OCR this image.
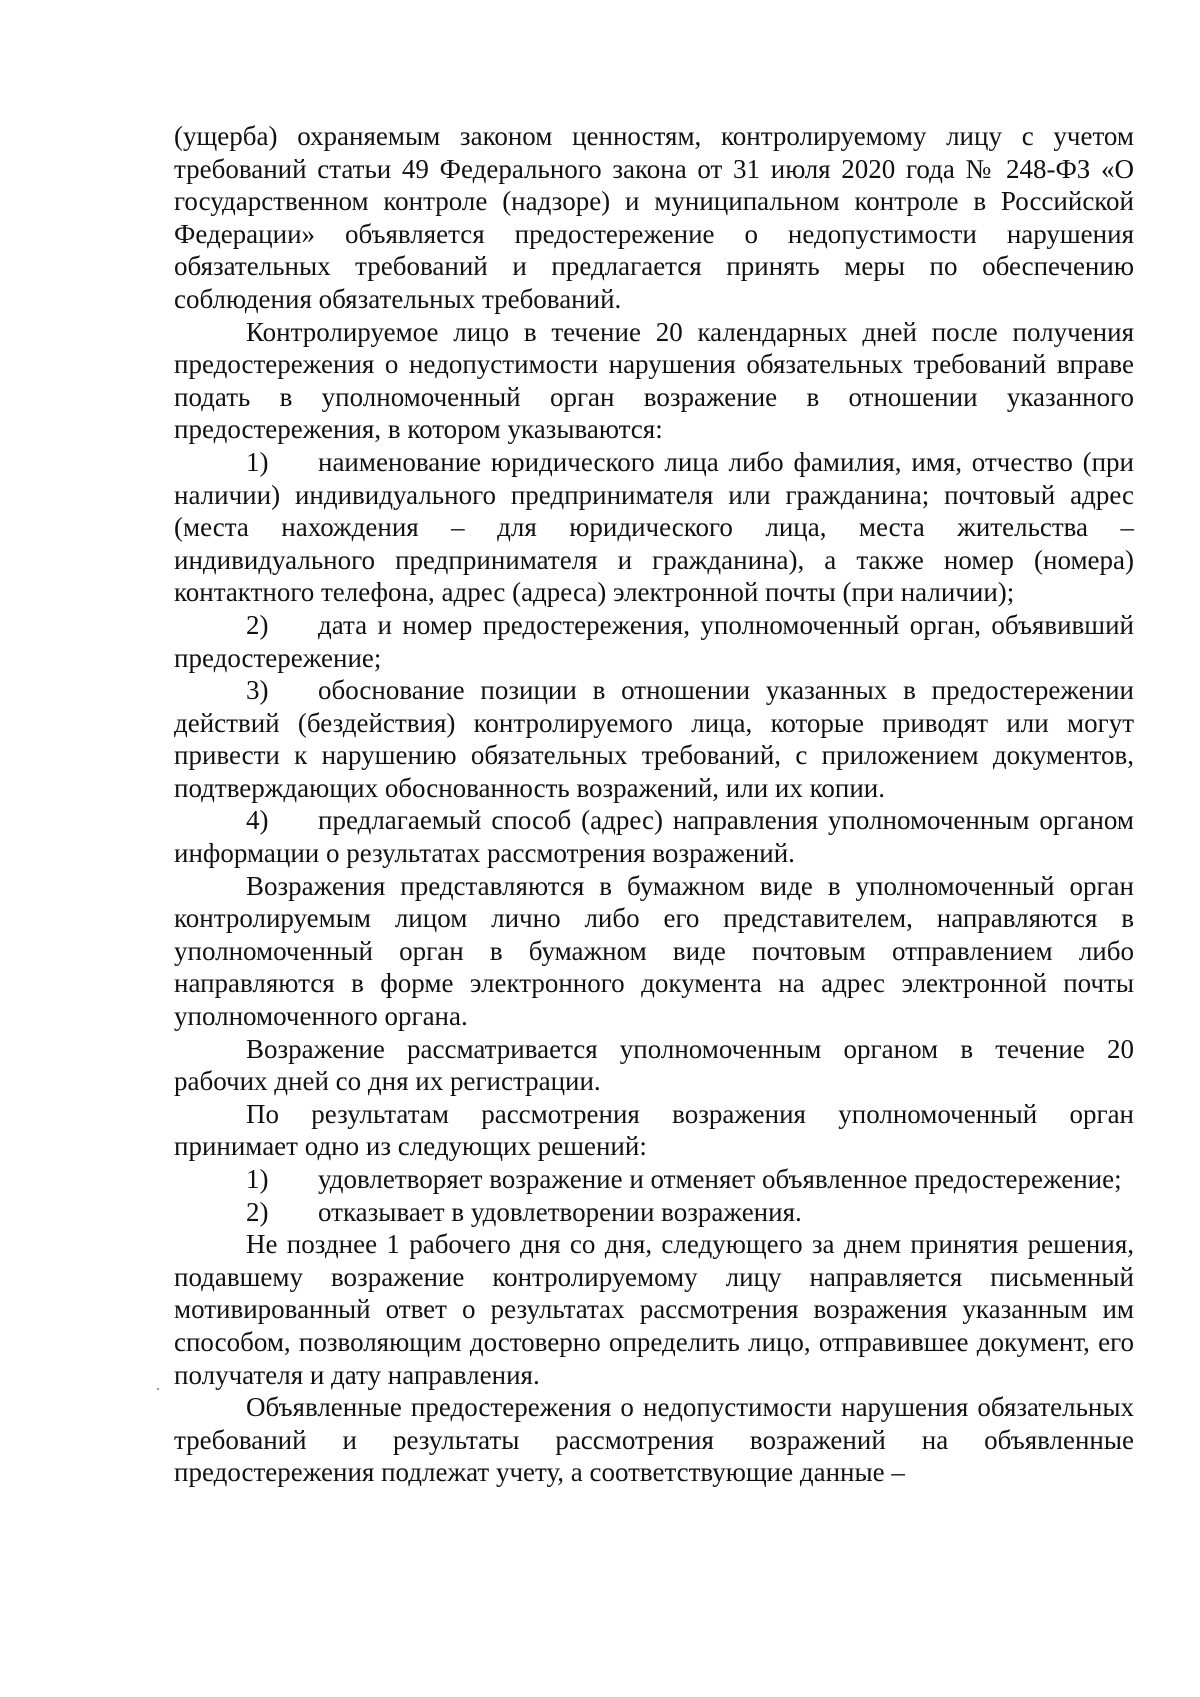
(ущерба) охраняемым законом ценностям, контролируемому лицу с учетом требований статьи 49 Федерального закона от 31 июля 2020 года № 248-ФЗ «О государственном контроле (надзоре) и муниципальном контроле в Российской Федерации» объявляется предостережение о недопустимости нарушения обязательных требований и предлагается принять меры по обеспечению соблюдения обязательных требований.

Контролируемое лицо в течение 20 календарных дней после получения предостережения о недопустимости нарушения обязательных требований вправе подать в уполномоченный орган возражение в отношении указанного предостережения, в котором указываются:

1) наименование юридического лица либо фамилия, имя, отчество (при наличии) индивидуального предпринимателя или гражданина; почтовый адрес (места нахождения – для юридического лица, места жительства – индивидуального предпринимателя и гражданина), а также номер (номера) контактного телефона, адрес (адреса) электронной почты (при наличии);

2) дата и номер предостережения, уполномоченный орган, объявивший предостережение;

3) обоснование позиции в отношении указанных в предостережении действий (бездействия) контролируемого лица, которые приводят или могут привести к нарушению обязательных требований, с приложением документов, подтверждающих обоснованность возражений, или их копии.

4) предлагаемый способ (адрес) направления уполномоченным органом информации о результатах рассмотрения возражений.

Возражения представляются в бумажном виде в уполномоченный орган контролируемым лицом лично либо его представителем, направляются в уполномоченный орган в бумажном виде почтовым отправлением либо направляются в форме электронного документа на адрес электронной почты уполномоченного органа.

Возражение рассматривается уполномоченным органом в течение 20 рабочих дней со дня их регистрации.

По результатам рассмотрения возражения уполномоченный орган принимает одно из следующих решений:

1) удовлетворяет возражение и отменяет объявленное предостережение;

2) отказывает в удовлетворении возражения.

Не позднее 1 рабочего дня со дня, следующего за днем принятия решения, подавшему возражение контролируемому лицу направляется письменный мотивированный ответ о результатах рассмотрения возражения указанным им способом, позволяющим достоверно определить лицо, отправившее документ, его получателя и дату направления.

Объявленные предостережения о недопустимости нарушения обязательных требований и результаты рассмотрения возражений на объявленные предостережения подлежат учету, а соответствующие данные –
